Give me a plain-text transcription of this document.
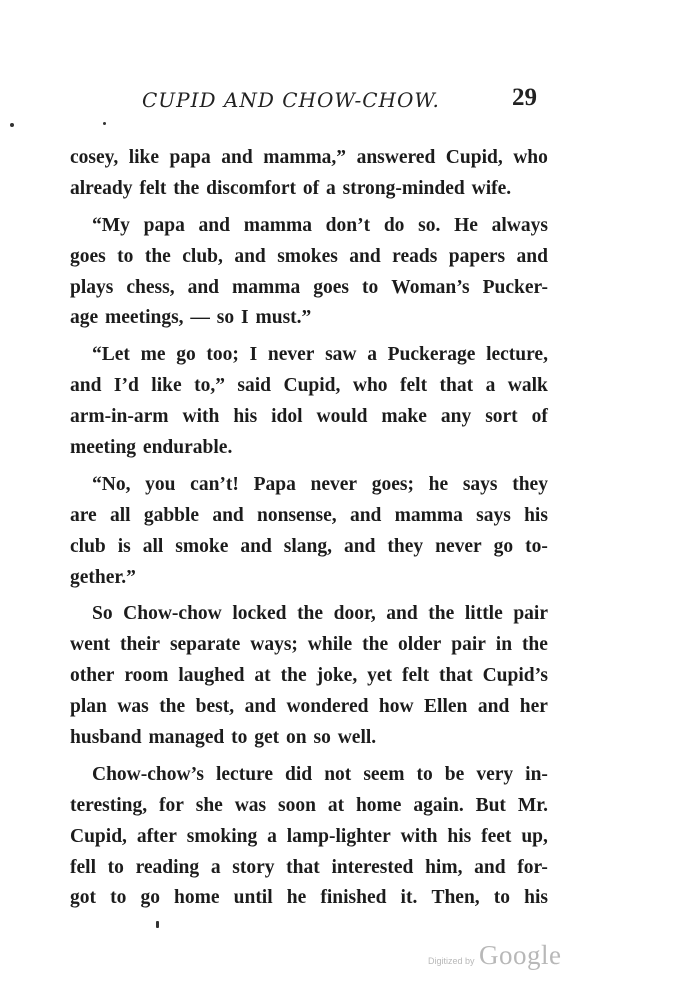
CUPID AND CHOW-CHOW.	29
cosey, like papa and mamma,” answered Cupid, who
already felt the discomfort of a strong-minded wife.
“My papa and mamma don’t do so. He always
goes to the club, and smokes and reads papers and
plays chess, and mamma goes to Woman’s Pucker-
age meetings, — so I must.”
“Let me go too; I never saw a Puckerage lecture,
and I’d like to,” said Cupid, who felt that a walk
arm-in-arm with his idol would make any sort of
meeting endurable.
“No, you can’t! Papa never goes; he says they
are all gabble and nonsense, and mamma says his
club is all smoke and slang, and they never go to-
gether.”
So Chow-chow locked the door, and the little pair
went their separate ways; while the older pair in the
other room laughed at the joke, yet felt that Cupid’s
plan was the best, and wondered how Ellen and her
husband managed to get on so well.
Chow-chow’s lecture did not seem to be very in-
teresting, for she was soon at home again. But Mr.
Cupid, after smoking a lamp-lighter with his feet up,
fell to reading a story that interested him, and for-
got to go home until he finished it. Then, to his
Digitized by Google
